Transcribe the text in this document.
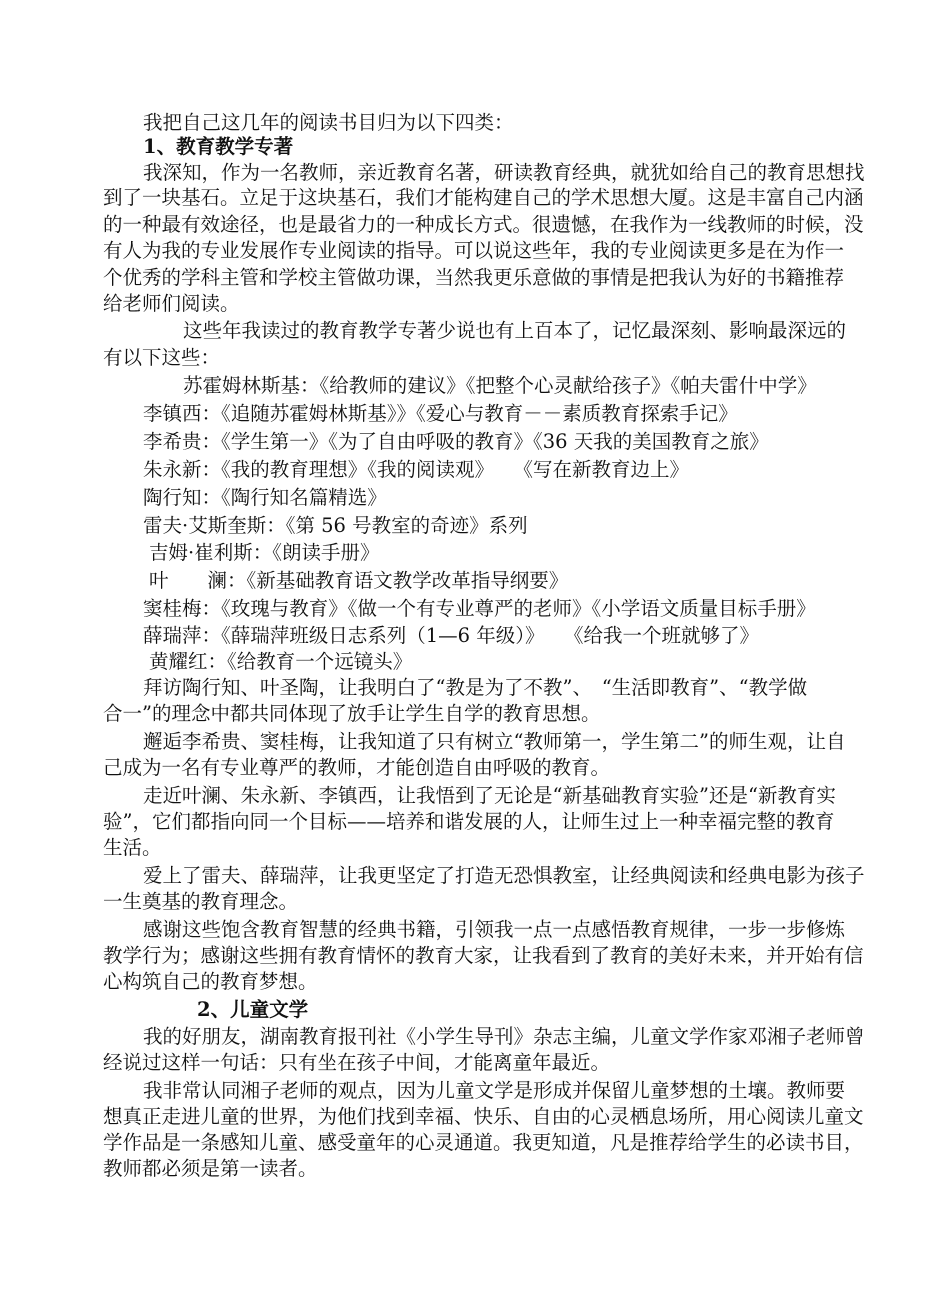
我把自己这几年的阅读书目归为以下四类：
1、教育教学专著
我深知，作为一名教师，亲近教育名著，研读教育经典，就犹如给自己的教育思想找
到了一块基石。立足于这块基石，我们才能构建自己的学术思想大厦。这是丰富自己内涵
的一种最有效途径，也是最省力的一种成长方式。很遗憾，在我作为一线教师的时候，没
有人为我的专业发展作专业阅读的指导。可以说这些年，我的专业阅读更多是在为作一
个优秀的学科主管和学校主管做功课，当然我更乐意做的事情是把我认为好的书籍推荐
给老师们阅读。
这些年我读过的教育教学专著少说也有上百本了，记忆最深刻、影响最深远的
有以下这些：
苏霍姆林斯基：《给教师的建议》《把整个心灵献给孩子》《帕夫雷什中学》
李镇西：《追随苏霍姆林斯基》》《爱心与教育－－素质教育探索手记》
李希贵：《学生第一》《为了自由呼吸的教育》《36 天我的美国教育之旅》
朱永新：《我的教育理想》《我的阅读观》　　《写在新教育边上》
陶行知：《陶行知名篇精选》
雷夫·艾斯奎斯：《第 56 号教室的奇迹》系列
吉姆·崔利斯：《朗读手册》
叶　　澜：《新基础教育语文教学改革指导纲要》
窦桂梅：《玫瑰与教育》《做一个有专业尊严的老师》《小学语文质量目标手册》
薛瑞萍：《薛瑞萍班级日志系列（1—6 年级）》　　《给我一个班就够了》
黄耀红：《给教育一个远镜头》
拜访陶行知、叶圣陶，让我明白了“教是为了不教”、　“生活即教育”、“教学做
合一”的理念中都共同体现了放手让学生自学的教育思想。
邂逅李希贵、窦桂梅，让我知道了只有树立“教师第一，学生第二”的师生观，让自
己成为一名有专业尊严的教师，才能创造自由呼吸的教育。
走近叶澜、朱永新、李镇西，让我悟到了无论是“新基础教育实验”还是“新教育实
验”，它们都指向同一个目标——培养和谐发展的人，让师生过上一种幸福完整的教育
生活。
爱上了雷夫、薛瑞萍，让我更坚定了打造无恐惧教室，让经典阅读和经典电影为孩子
一生奠基的教育理念。
感谢这些饱含教育智慧的经典书籍，引领我一点一点感悟教育规律，一步一步修炼
教学行为；感谢这些拥有教育情怀的教育大家，让我看到了教育的美好未来，并开始有信
心构筑自己的教育梦想。
2、儿童文学
我的好朋友，湖南教育报刊社《小学生导刊》杂志主编，儿童文学作家邓湘子老师曾
经说过这样一句话：只有坐在孩子中间，才能离童年最近。
我非常认同湘子老师的观点，因为儿童文学是形成并保留儿童梦想的土壤。教师要
想真正走进儿童的世界，为他们找到幸福、快乐、自由的心灵栖息场所，用心阅读儿童文
学作品是一条感知儿童、感受童年的心灵通道。我更知道，凡是推荐给学生的必读书目，
教师都必须是第一读者。
